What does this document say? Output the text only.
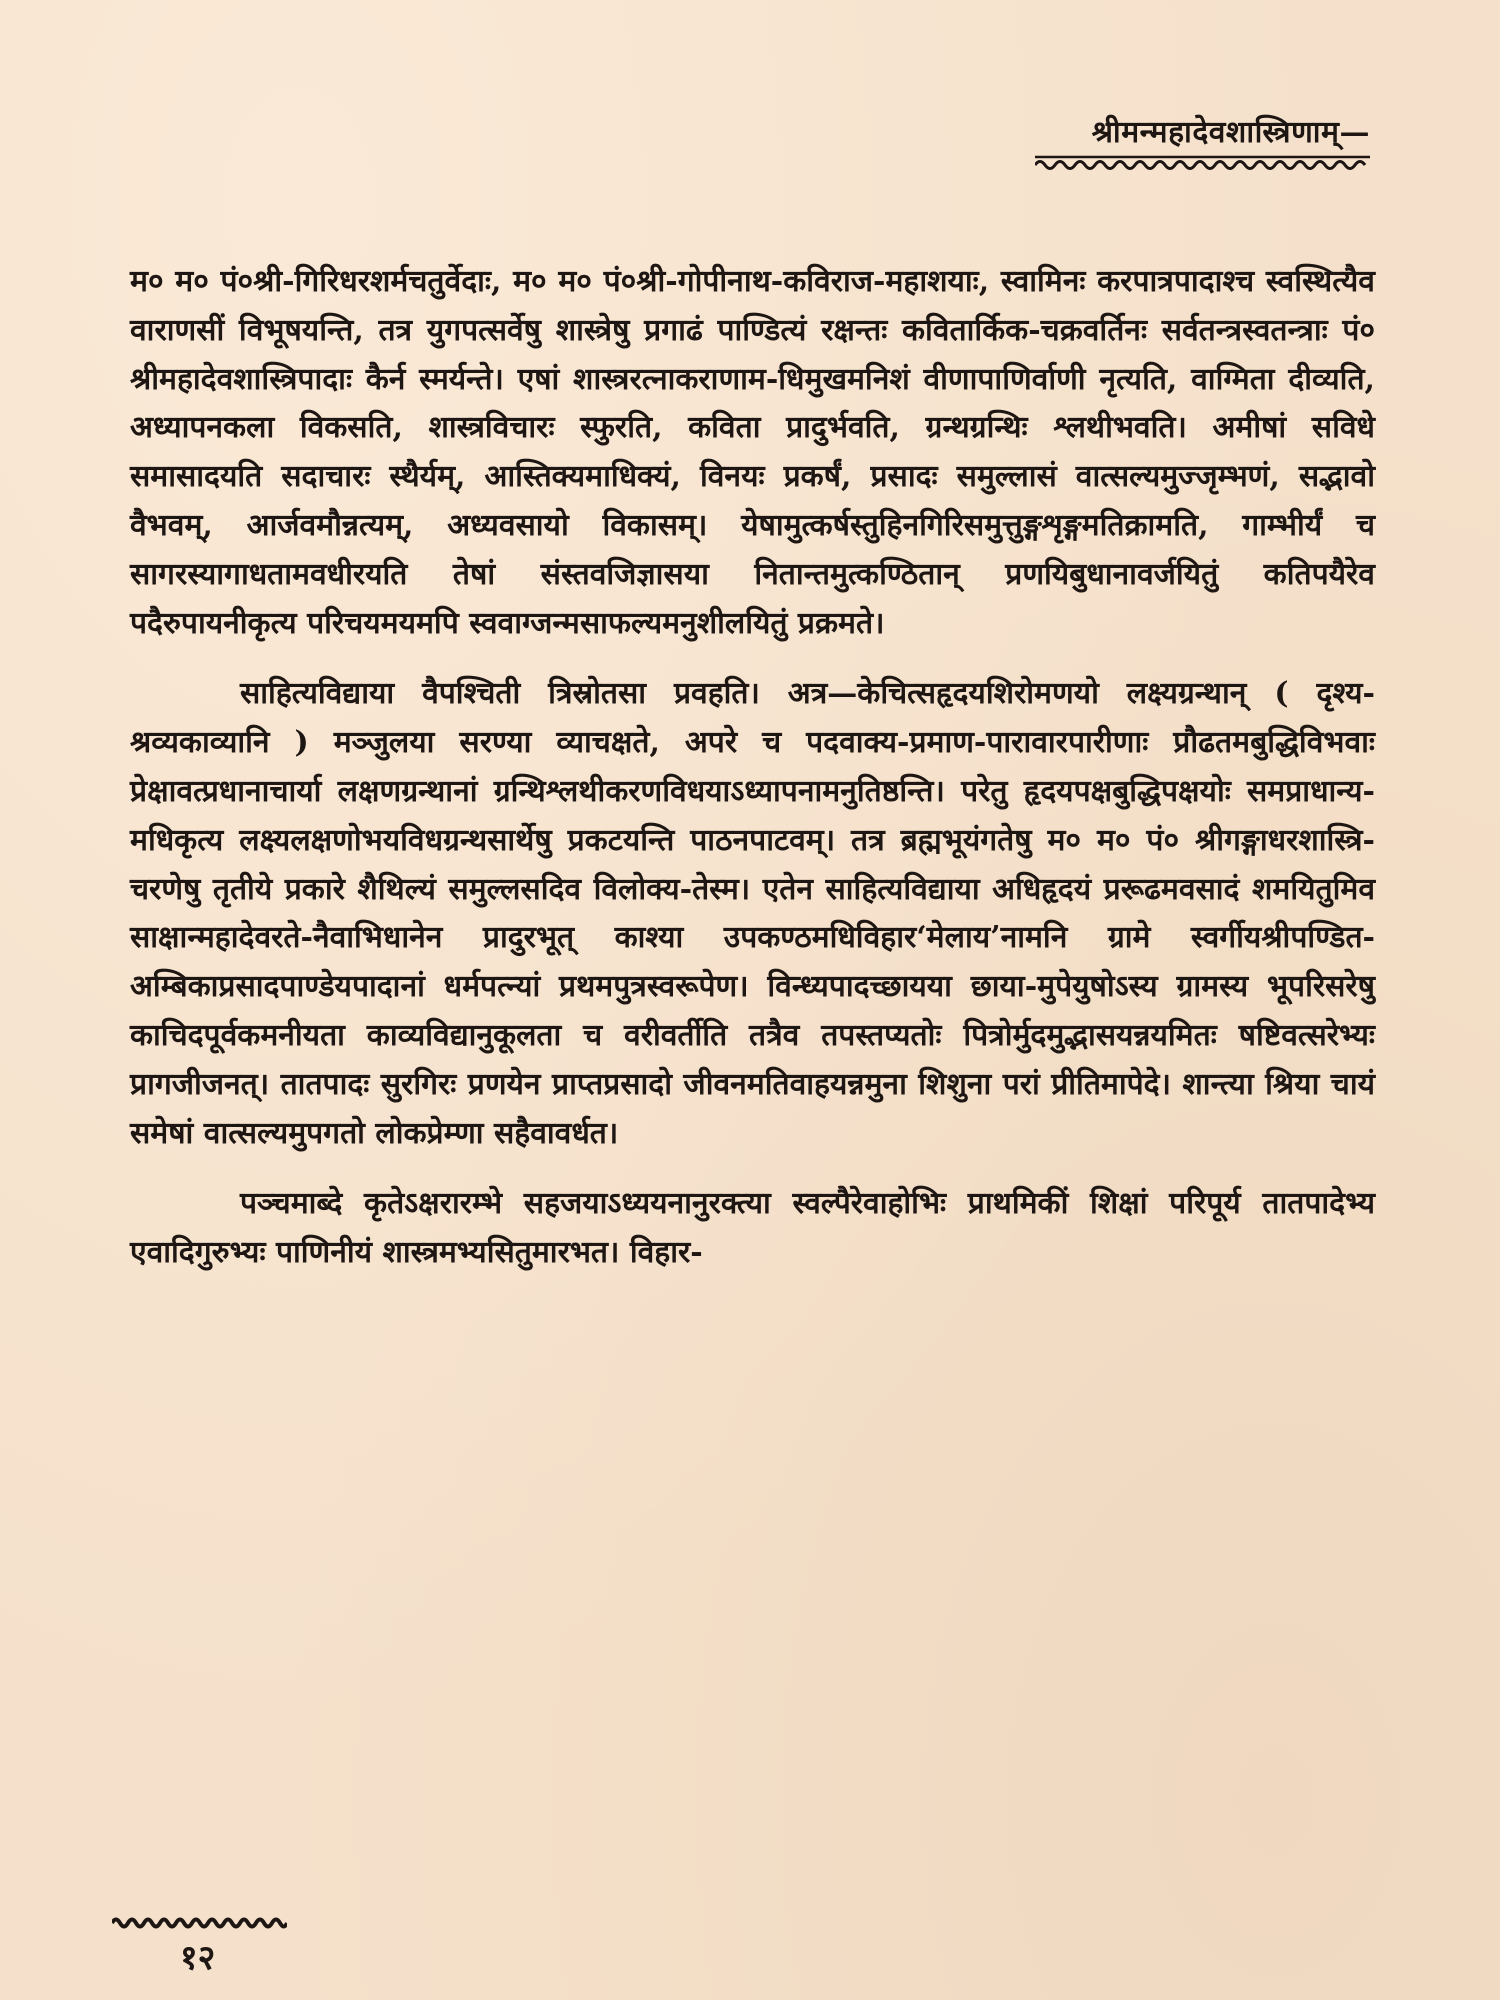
श्रीमन्महादेवशास्त्रिणाम्—

म० म० पं०श्री-गिरिधरशर्मचतुर्वेदाः, म० म० पं०श्री-गोपीनाथ-कविराज-महाशयाः, स्वामिनः करपात्रपादाश्च स्वस्थित्यैव वाराणसीं विभूषयन्ति, तत्र युगपत्सर्वेषु शास्त्रेषु प्रगाढं पाण्डित्यं रक्षन्तः कवितार्किक-चक्रवर्तिनः सर्वतन्त्रस्वतन्त्राः पं० श्रीमहादेवशास्त्रिपादाः कैर्न स्मर्यन्ते। एषां शास्त्ररत्नाकराणाम-धिमुखमनिशं वीणापाणिर्वाणी नृत्यति, वाग्मिता दीव्यति, अध्यापनकला विकसति, शास्त्रविचारः स्फुरति, कविता प्रादुर्भवति, ग्रन्थग्रन्थिः श्लथीभवति। अमीषां सविधे समासादयति सदाचारः स्थैर्यम्, आस्तिक्यमाधिक्यं, विनयः प्रकर्षं, प्रसादः समुल्लासं वात्सल्यमुज्जृम्भणं, सद्भावो वैभवम्, आर्जवमौन्नत्यम्, अध्यवसायो विकासम्। येषामुत्कर्षस्तुहिनगिरिसमुत्तुङ्गशृङ्गमतिक्रामति, गाम्भीर्यं च सागरस्यागाधतामवधीरयति तेषां संस्तवजिज्ञासया नितान्तमुत्कण्ठितान् प्रणयिबुधानावर्जयितुं कतिपयैरेव पदैरुपायनीकृत्य परिचयमयमपि स्ववाग्जन्मसाफल्यमनुशीलयितुं प्रक्रमते।

साहित्यविद्याया वैपश्चिती त्रिस्रोतसा प्रवहति। अत्र—केचित्सहृदयशिरोमणयो लक्ष्यग्रन्थान् ( दृश्य-श्रव्यकाव्यानि ) मञ्जुलया सरण्या व्याचक्षते, अपरे च पदवाक्य-प्रमाण-पारावारपारीणाः प्रौढतमबुद्धिविभवाः प्रेक्षावत्प्रधानाचार्या लक्षणग्रन्थानां ग्रन्थिश्लथीकरणविधयाऽध्यापनामनुतिष्ठन्ति। परेतु हृदयपक्षबुद्धिपक्षयोः समप्राधान्य-मधिकृत्य लक्ष्यलक्षणोभयविधग्रन्थसार्थेषु प्रकटयन्ति पाठनपाटवम्। तत्र ब्रह्मभूयंगतेषु म० म० पं० श्रीगङ्गाधरशास्त्रि-चरणेषु तृतीये प्रकारे शैथिल्यं समुल्लसदिव विलोक्य-तेस्म। एतेन साहित्यविद्याया अधिहृदयं प्ररूढमवसादं शमयितुमिव साक्षान्महादेवरते-नैवाभिधानेन प्रादुरभूत् काश्या उपकण्ठमधिविहार‘मेलाय’नामनि ग्रामे स्वर्गीयश्रीपण्डित-अम्बिकाप्रसादपाण्डेयपादानां धर्मपत्न्यां प्रथमपुत्रस्वरूपेण। विन्ध्यपादच्छायया छाया-मुपेयुषोऽस्य ग्रामस्य भूपरिसरेषु काचिदपूर्वकमनीयता काव्यविद्यानुकूलता च वरीवर्तीति तत्रैव तपस्तप्यतोः पित्रोर्मुदमुद्भासयन्नयमितः षष्टिवत्सरेभ्यः प्रागजीजनत्। तातपादः सुरगिरः प्रणयेन प्राप्तप्रसादो जीवनमतिवाहयन्नमुना शिशुना परां प्रीतिमापेदे। शान्त्या श्रिया चायं समेषां वात्सल्यमुपगतो लोकप्रेम्णा सहैवावर्धत।

पञ्चमाब्दे कृतेऽक्षरारम्भे सहजयाऽध्ययनानुरक्त्या स्वल्पैरेवाहोभिः प्राथमिकीं शिक्षां परिपूर्य तातपादेभ्य एवादिगुरुभ्यः पाणिनीयं शास्त्रमभ्यसितुमारभत। विहार-

१२
